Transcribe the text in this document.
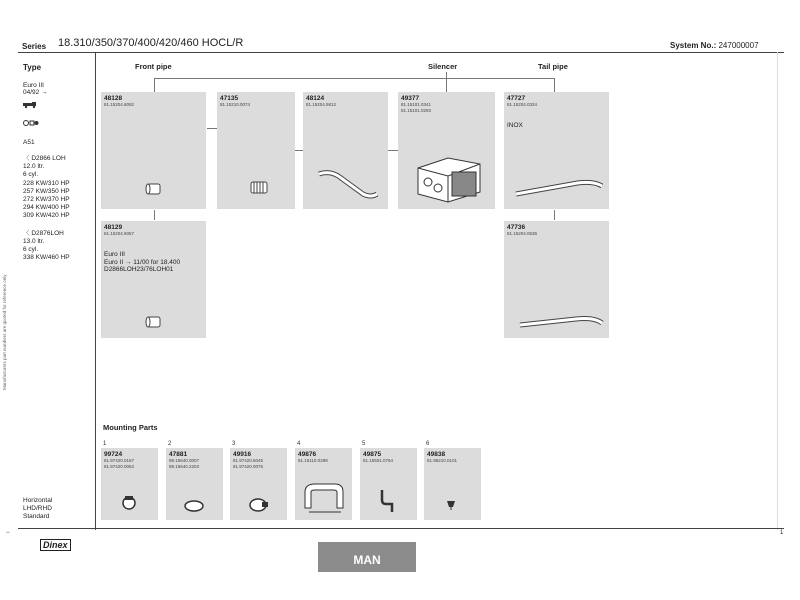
Series 18.310/350/370/400/420/460 HOCL/R	System No.: 247000007
Manufacturers part numbers are quoted for reference only
Type
Euro III
04/92 →
A51
〈 D2866 LOH
12.0 ltr.
6 cyl.
228 KW/310 HP
257 KW/350 HP
272 KW/370 HP
294 KW/400 HP
309 KW/420 HP
〈 D2876LOH
13.0 ltr.
6 cyl.
338 KW/460 HP
Horizontal
LHD/RHD
Standard
Front pipe	Silencer	Tail pipe
48128
81.15204.6092
47135
81.15210.0074
48124
81.15204.5812
49377
81.15101.0341
81.15101.0293
47727
81.15204.0334
INOX
48129
81.15204.6057
Euro III
Euro II → 11/00 for 18.400
D2866LOH23/76LOH01
47736
81.15204.0536
Mounting Parts
1
99724
81.97420.0157
81.97420.0062
2
47881
98.15640.0007
98.15640.2203
3
49916
81.97420.5045
81.97420.0076
4
49876
81.15110.0298
5
49875
81.15501.0764
6
49838
81.96210.0101
−	1
Dinex
MAN
